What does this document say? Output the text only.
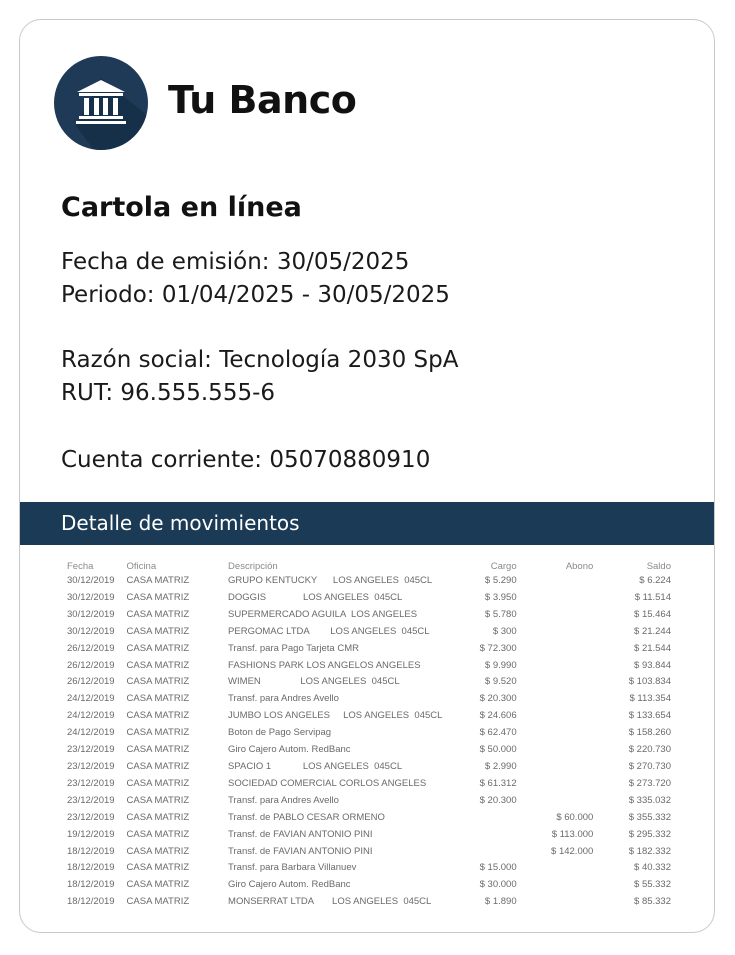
Tu Banco
Cartola en línea
Fecha de emisión: 30/05/2025
Periodo: 01/04/2025 - 30/05/2025
Razón social: Tecnología 2030 SpA
RUT: 96.555.555-6
Cuenta corriente: 05070880910
Detalle de movimientos
Fecha	Oficina	Descripción	Cargo	Abono	Saldo
30/12/2019	CASA MATRIZ	GRUPO KENTUCKY      LOS ANGELES  045CL	$ 5.290		$ 6.224
30/12/2019	CASA MATRIZ	DOGGIS              LOS ANGELES  045CL	$ 3.950		$ 11.514
30/12/2019	CASA MATRIZ	SUPERMERCADO AGUILA  LOS ANGELES	$ 5.780		$ 15.464
30/12/2019	CASA MATRIZ	PERGOMAC LTDA        LOS ANGELES  045CL	$ 300		$ 21.244
26/12/2019	CASA MATRIZ	Transf. para Pago Tarjeta CMR	$ 72.300		$ 21.544
26/12/2019	CASA MATRIZ	FASHIONS PARK LOS ANGELOS ANGELES	$ 9.990		$ 93.844
26/12/2019	CASA MATRIZ	WIMEN               LOS ANGELES  045CL	$ 9.520		$ 103.834
24/12/2019	CASA MATRIZ	Transf. para Andres Avello	$ 20.300		$ 113.354
24/12/2019	CASA MATRIZ	JUMBO LOS ANGELES     LOS ANGELES  045CL	$ 24.606		$ 133.654
24/12/2019	CASA MATRIZ	Boton de Pago Servipag	$ 62.470		$ 158.260
23/12/2019	CASA MATRIZ	Giro Cajero Autom. RedBanc	$ 50.000		$ 220.730
23/12/2019	CASA MATRIZ	SPACIO 1            LOS ANGELES  045CL	$ 2.990		$ 270.730
23/12/2019	CASA MATRIZ	SOCIEDAD COMERCIAL CORLOS ANGELES	$ 61.312		$ 273.720
23/12/2019	CASA MATRIZ	Transf. para Andres Avello	$ 20.300		$ 335.032
23/12/2019	CASA MATRIZ	Transf. de PABLO CESAR ORMENO		$ 60.000	$ 355.332
19/12/2019	CASA MATRIZ	Transf. de FAVIAN ANTONIO PINI		$ 113.000	$ 295.332
18/12/2019	CASA MATRIZ	Transf. de FAVIAN ANTONIO PINI		$ 142.000	$ 182.332
18/12/2019	CASA MATRIZ	Transf. para Barbara Villanuev	$ 15.000		$ 40.332
18/12/2019	CASA MATRIZ	Giro Cajero Autom. RedBanc	$ 30.000		$ 55.332
18/12/2019	CASA MATRIZ	MONSERRAT LTDA       LOS ANGELES  045CL	$ 1.890		$ 85.332
